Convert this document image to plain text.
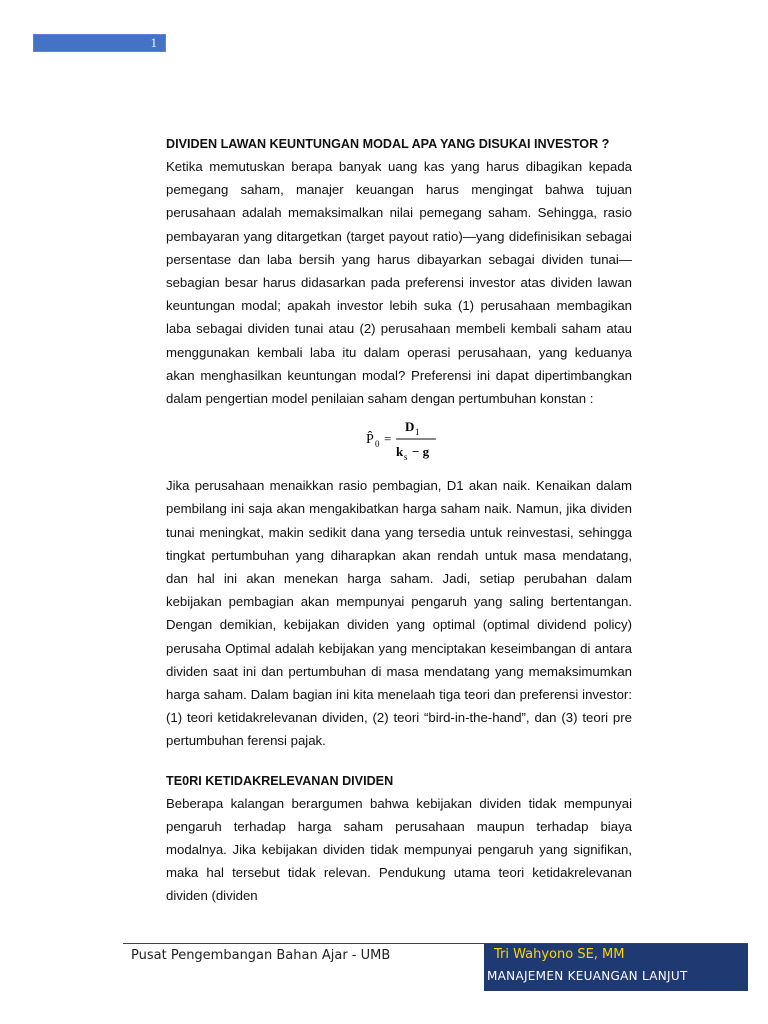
1

DIVIDEN LAWAN KEUNTUNGAN MODAL APA YANG DISUKAI INVESTOR ?

Ketika memutuskan berapa banyak uang kas yang harus dibagikan kepada pemegang saham, manajer keuangan harus mengingat bahwa tujuan perusahaan adalah memaksimalkan nilai pemegang saham. Sehingga, rasio pembayaran yang ditargetkan (target payout ratio)—yang didefinisikan sebagai persentase dan laba bersih yang harus dibayarkan sebagai dividen tunai—sebagian besar harus didasarkan pada preferensi investor atas dividen lawan keuntungan modal; apakah investor lebih suka (1) perusahaan membagikan laba sebagai dividen tunai atau (2) perusahaan membeli kembali saham atau menggunakan kembali laba itu dalam operasi perusahaan, yang keduanya akan menghasilkan keuntungan modal? Preferensi ini dapat dipertimbangkan dalam pengertian model penilaian saham dengan pertumbuhan konstan :

P̂ 0 =
D 1
k s − g

Jika perusahaan menaikkan rasio pembagian, D1 akan naik. Kenaikan dalam pembilang ini saja akan mengakibatkan harga saham naik. Namun, jika dividen tunai meningkat, makin sedikit dana yang tersedia untuk reinvestasi, sehingga tingkat pertumbuhan yang diharapkan akan rendah untuk masa mendatang, dan hal ini akan menekan harga saham. Jadi, setiap perubahan dalam kebijakan pembagian akan mempunyai pengaruh yang saling bertentangan. Dengan demikian, kebijakan dividen yang optimal (optimal dividend policy) perusaha Optimal adalah kebijakan yang menciptakan keseimbangan di antara dividen saat ini dan pertumbuhan di masa mendatang yang memaksimumkan harga saham. Dalam bagian ini kita menelaah tiga teori dan preferensi investor: (1) teori ketidakrelevanan dividen, (2) teori “bird-in-the-hand”, dan (3) teori pre pertumbuhan ferensi pajak.

TE0RI KETIDAKRELEVANAN DIVIDEN

Beberapa kalangan berargumen bahwa kebijakan dividen tidak mempunyai pengaruh terhadap harga saham perusahaan maupun terhadap biaya modalnya. Jika kebijakan dividen tidak mempunyai pengaruh yang signifikan, maka hal tersebut tidak relevan. Pendukung utama teori ketidakrelevanan dividen (dividen

Pusat Pengembangan Bahan Ajar - UMB	Tri Wahyono SE, MM
MANAJEMEN KEUANGAN LANJUT
